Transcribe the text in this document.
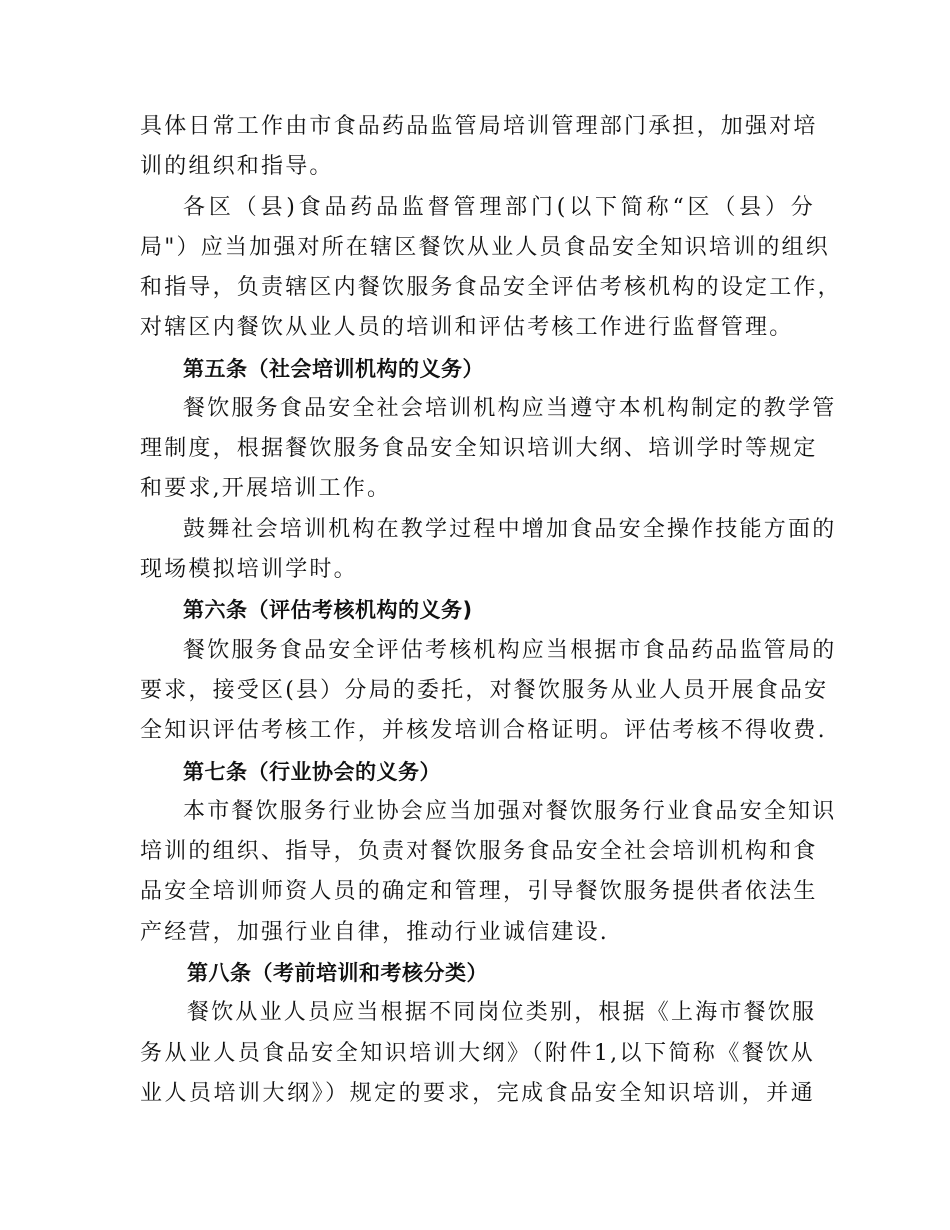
具体日常工作由市食品药品监管局培训管理部门承担，加强对培
训的组织和指导。
各区（县)食品药品监督管理部门(以下简称“区（县）分
局"）应当加强对所在辖区餐饮从业人员食品安全知识培训的组织
和指导，负责辖区内餐饮服务食品安全评估考核机构的设定工作，
对辖区内餐饮从业人员的培训和评估考核工作进行监督管理。
第五条（社会培训机构的义务）
餐饮服务食品安全社会培训机构应当遵守本机构制定的教学管
理制度，根据餐饮服务食品安全知识培训大纲、培训学时等规定
和要求,开展培训工作。
鼓舞社会培训机构在教学过程中增加食品安全操作技能方面的
现场模拟培训学时。
第六条（评估考核机构的义务)
餐饮服务食品安全评估考核机构应当根据市食品药品监管局的
要求，接受区(县）分局的委托，对餐饮服务从业人员开展食品安
全知识评估考核工作，并核发培训合格证明。评估考核不得收费.
第七条（行业协会的义务）
本市餐饮服务行业协会应当加强对餐饮服务行业食品安全知识
培训的组织、指导，负责对餐饮服务食品安全社会培训机构和食
品安全培训师资人员的确定和管理，引导餐饮服务提供者依法生
产经营，加强行业自律，推动行业诚信建设.
第八条（考前培训和考核分类）
餐饮从业人员应当根据不同岗位类别，根据《上海市餐饮服
务从业人员食品安全知识培训大纲》（附件1,以下简称《餐饮从
业人员培训大纲》）规定的要求，完成食品安全知识培训，并通
